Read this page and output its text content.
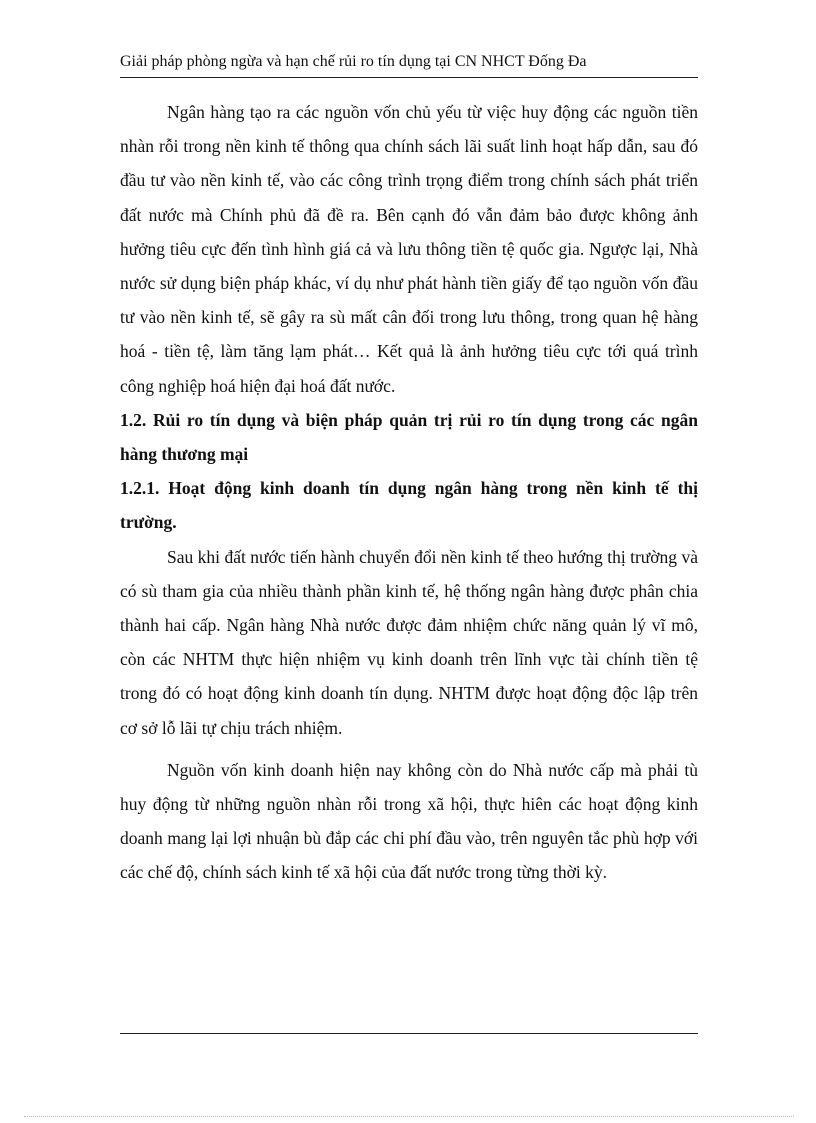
Giải pháp phòng ngừa và hạn chế rủi ro tín dụng tại CN NHCT Đống Đa

Ngân hàng tạo ra các nguồn vốn chủ yếu từ việc huy động các nguồn tiền nhàn rỗi trong nền kinh tế thông qua chính sách lãi suất linh hoạt hấp dẫn, sau đó đầu tư vào nền kinh tế, vào các công trình trọng điểm trong chính sách phát triển đất nước mà Chính phủ đã đề ra. Bên cạnh đó vẫn đảm bảo được không ảnh hưởng tiêu cực đến tình hình giá cả và lưu thông tiền tệ quốc gia. Ngược lại, Nhà nước sử dụng biện pháp khác, ví dụ như phát hành tiền giấy để tạo nguồn vốn đầu tư vào nền kinh tế, sẽ gây ra sù mất cân đối trong lưu thông, trong quan hệ hàng hoá - tiền tệ, làm tăng lạm phát… Kết quả là ảnh hưởng tiêu cực tới quá trình công nghiệp hoá hiện đại hoá đất nước.

1.2. Rủi ro tín dụng và biện pháp quản trị rủi ro tín dụng trong các ngân hàng thương mại

1.2.1. Hoạt động kinh doanh tín dụng ngân hàng trong nền kinh tế thị trường.

Sau khi đất nước tiến hành chuyển đổi nền kinh tế theo hướng thị trường và có sù tham gia của nhiều thành phần kinh tế, hệ thống ngân hàng được phân chia thành hai cấp. Ngân hàng Nhà nước được đảm nhiệm chức năng quản lý vĩ mô, còn các NHTM thực hiện nhiệm vụ kinh doanh trên lĩnh vực tài chính tiền tệ trong đó có hoạt động kinh doanh tín dụng. NHTM được hoạt động độc lập trên cơ sở lỗ lãi tự chịu trách nhiệm.

Nguồn vốn kinh doanh hiện nay không còn do Nhà nước cấp mà phải tù huy động từ những nguồn nhàn rỗi trong xã hội, thực hiên các hoạt động kinh doanh mang lại lợi nhuận bù đắp các chi phí đầu vào, trên nguyên tắc phù hợp với các chế độ, chính sách kinh tế xã hội của đất nước trong từng thời kỳ.
